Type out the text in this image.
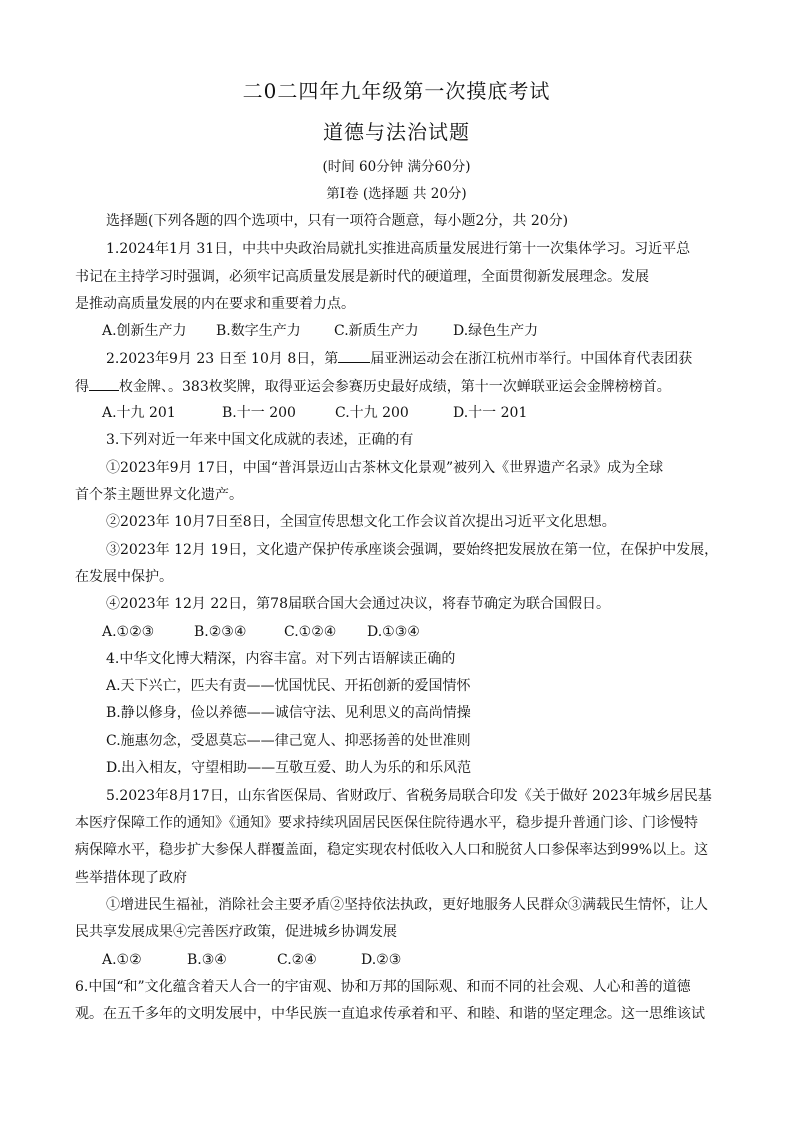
二0二四年九年级第一次摸底考试
道德与法治试题
(时间 60分钟 满分60分)
第Ⅰ卷 (选择题 共 20分)
选择题(下列各题的四个选项中，只有一项符合题意，每小题2分，共 20分)
1.2024年1月 31日，中共中央政治局就扎实推进高质量发展进行第十一次集体学习。习近平总
书记在主持学习时强调，必须牢记高质量发展是新时代的硬道理，全面贯彻新发展理念。发展
是推动高质量发展的内在要求和重要着力点。
A.创新生产力 B.数字生产力 C.新质生产力 D.绿色生产力
2.2023年9月 23 日至 10月 8日，第 届亚洲运动会在浙江杭州市举行。中国体育代表团获
得 枚金牌、。383枚奖牌，取得亚运会参赛历史最好成绩，第十一次蝉联亚运会金牌榜榜首。
A.十九 201	B.十一 200	C.十九 200	D.十一 201
3.下列对近一年来中国文化成就的表述，正确的有
①2023年9月 17日，中国“普洱景迈山古茶林文化景观”被列入《世界遗产名录》成为全球
首个茶主题世界文化遗产。
②2023年 10月7日至8日，全国宣传思想文化工作会议首次提出习近平文化思想。
③2023年 12月 19日，文化遗产保护传承座谈会强调，要始终把发展放在第一位，在保护中发展，
在发展中保护。
④2023年 12月 22日，第78届联合国大会通过决议，将春节确定为联合国假日。
A.①②③	B.②③④	C.①②④ D.①③④
4.中华文化博大精深，内容丰富。对下列古语解读正确的
A.天下兴亡，匹夫有责——忧国忧民、开拓创新的爱国情怀
B.静以修身，俭以养德——诚信守法、见利思义的高尚情操
C.施惠勿念，受恩莫忘——律己宽人、抑恶扬善的处世准则
D.出入相友，守望相助——互敬互爱、助人为乐的和乐风范
5.2023年8月17日，山东省医保局、省财政厅、省税务局联合印发《关于做好 2023年城乡居民基
本医疗保障工作的通知》《通知》要求持续巩固居民医保住院待遇水平，稳步提升普通门诊、门诊慢特
病保障水平，稳步扩大参保人群覆盖面，稳定实现农村低收入人口和脱贫人口参保率达到99%以上。这
些举措体现了政府
①增进民生福祉，消除社会主要矛盾②坚持依法执政，更好地服务人民群众③满载民生情怀，让人
民共享发展成果④完善医疗政策，促进城乡协调发展
A.①②	B.③④	C.②④	D.②③
6.中国“和”文化蕴含着天人合一的宇宙观、协和万邦的国际观、和而不同的社会观、人心和善的道德
观。在五千多年的文明发展中，中华民族一直追求传承着和平、和睦、和谐的坚定理念。这一思维该试
